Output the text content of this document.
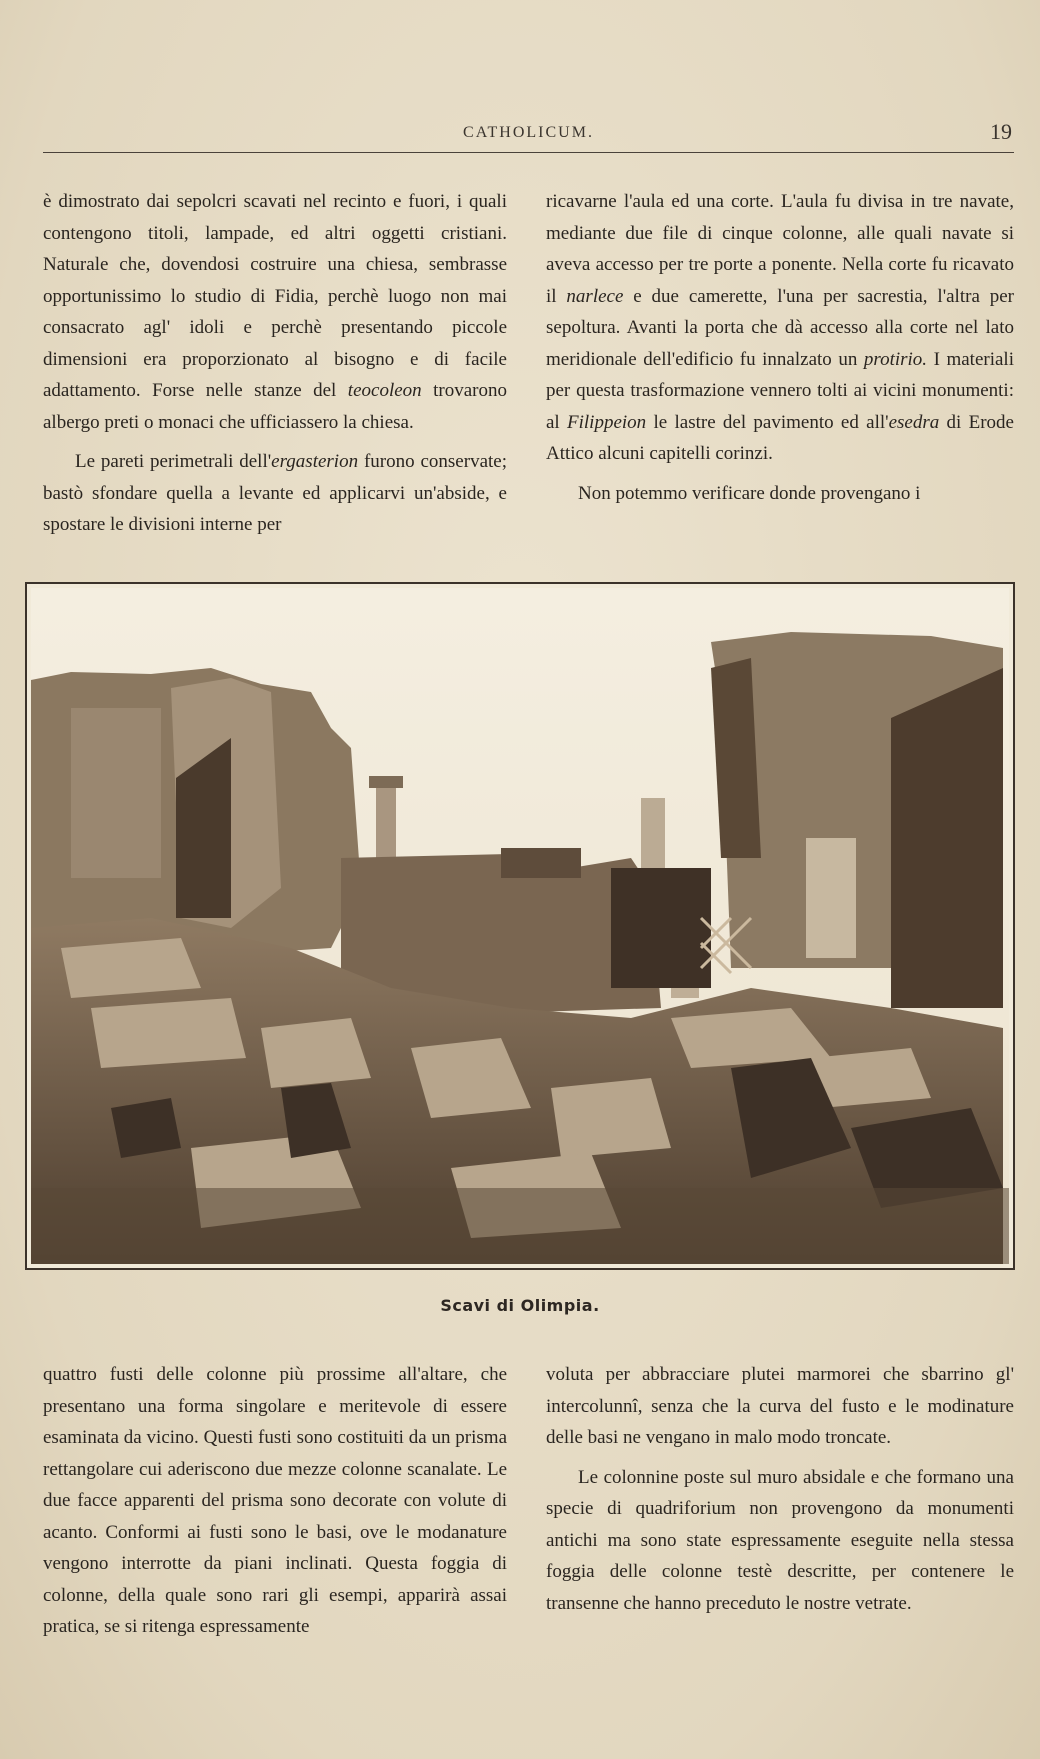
CATHOLICUM.	19

è dimostrato dai sepolcri scavati nel recinto e fuori, i quali contengono titoli, lampade, ed altri oggetti cristiani. Naturale che, dovendosi costruire una chiesa, sembrasse opportunissimo lo studio di Fidia, perchè luogo non mai consacrato agl' idoli e perchè presentando piccole dimensioni era proporzionato al bisogno e di facile adattamento. Forse nelle stanze del teocoleon trovarono albergo preti o monaci che ufficiassero la chiesa.

Le pareti perimetrali dell'ergasterion furono conservate; bastò sfondare quella a levante ed applicarvi un'abside, e spostare le divisioni interne per

ricavarne l'aula ed una corte. L'aula fu divisa in tre navate, mediante due file di cinque colonne, alle quali navate si aveva accesso per tre porte a ponente. Nella corte fu ricavato il narlece e due camerette, l'una per sacrestia, l'altra per sepoltura. Avanti la porta che dà accesso alla corte nel lato meridionale dell'edificio fu innalzato un protirio. I materiali per questa trasformazione vennero tolti ai vicini monumenti: al Filippeion le lastre del pavimento ed all'esedra di Erode Attico alcuni capitelli corinzi.

Non potemmo verificare donde provengano i

Scavi di Olimpia.

quattro fusti delle colonne più prossime all'altare, che presentano una forma singolare e meritevole di essere esaminata da vicino. Questi fusti sono costituiti da un prisma rettangolare cui aderiscono due mezze colonne scanalate. Le due facce apparenti del prisma sono decorate con volute di acanto. Conformi ai fusti sono le basi, ove le modanature vengono interrotte da piani inclinati. Questa foggia di colonne, della quale sono rari gli esempi, apparirà assai pratica, se si ritenga espressamente

voluta per abbracciare plutei marmorei che sbarrino gl' intercolunnî, senza che la curva del fusto e le modinature delle basi ne vengano in malo modo troncate.

Le colonnine poste sul muro absidale e che formano una specie di quadriforium non provengono da monumenti antichi ma sono state espressamente eseguite nella stessa foggia delle colonne testè descritte, per contenere le transenne che hanno preceduto le nostre vetrate.
